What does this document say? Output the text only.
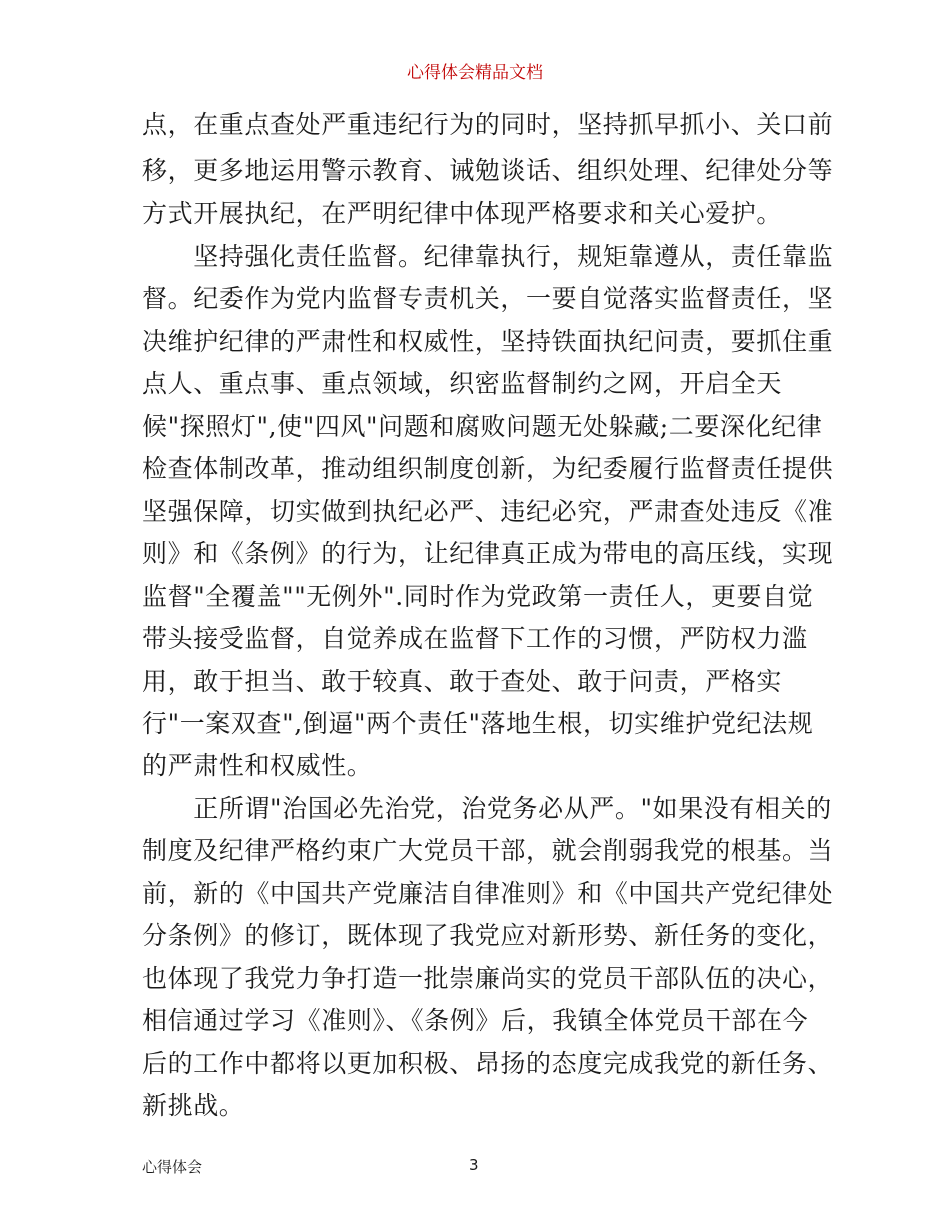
心得体会精品文档
点，在重点查处严重违纪行为的同时，坚持抓早抓小、关口前
移，更多地运用警示教育、诫勉谈话、组织处理、纪律处分等
方式开展执纪，在严明纪律中体现严格要求和关心爱护。
　　坚持强化责任监督。纪律靠执行，规矩靠遵从，责任靠监
督。纪委作为党内监督专责机关，一要自觉落实监督责任，坚
决维护纪律的严肃性和权威性，坚持铁面执纪问责，要抓住重
点人、重点事、重点领域，织密监督制约之网，开启全天
候"探照灯",使"四风"问题和腐败问题无处躲藏;二要深化纪律
检查体制改革，推动组织制度创新，为纪委履行监督责任提供
坚强保障，切实做到执纪必严、违纪必究，严肃查处违反《准
则》和《条例》的行为，让纪律真正成为带电的高压线，实现
监督"全覆盖""无例外".同时作为党政第一责任人，更要自觉
带头接受监督，自觉养成在监督下工作的习惯，严防权力滥
用，敢于担当、敢于较真、敢于查处、敢于问责，严格实
行"一案双查",倒逼"两个责任"落地生根，切实维护党纪法规
的严肃性和权威性。
　　正所谓"治国必先治党，治党务必从严。"如果没有相关的
制度及纪律严格约束广大党员干部，就会削弱我党的根基。当
前，新的《中国共产党廉洁自律准则》和《中国共产党纪律处
分条例》的修订，既体现了我党应对新形势、新任务的变化，
也体现了我党力争打造一批崇廉尚实的党员干部队伍的决心，
相信通过学习《准则》、《条例》后，我镇全体党员干部在今
后的工作中都将以更加积极、昂扬的态度完成我党的新任务、
新挑战。
心得体会	3
